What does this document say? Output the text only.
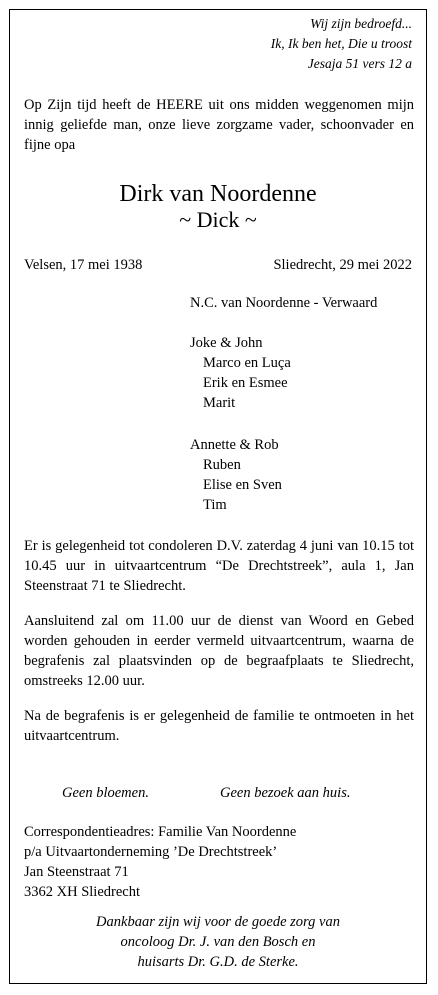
Wij zijn bedroefd...
Ik, Ik ben het, Die u troost
Jesaja 51 vers 12 a
Op Zijn tijd heeft de HEERE uit ons midden weggenomen mijn innig geliefde man, onze lieve zorgzame vader, schoonvader en fijne opa
Dirk van Noordenne
~ Dick ~
Velsen, 17 mei 1938	Sliedrecht, 29 mei 2022
N.C. van Noordenne - Verwaard
Joke & John
Marco en Luça
Erik en Esmee
Marit
Annette & Rob
Ruben
Elise en Sven
Tim
Er is gelegenheid tot condoleren D.V. zaterdag 4 juni van 10.15 tot 10.45 uur in uitvaartcentrum “De Drechtstreek”, aula 1, Jan Steenstraat 71 te Sliedrecht.
Aansluitend zal om 11.00 uur de dienst van Woord en Gebed worden gehouden in eerder vermeld uitvaartcentrum, waarna de begrafenis zal plaatsvinden op de begraafplaats te Sliedrecht, omstreeks 12.00 uur.
Na de begrafenis is er gelegenheid de familie te ontmoeten in het uitvaartcentrum.
Geen bloemen.	Geen bezoek aan huis.
Correspondentieadres: Familie Van Noordenne
p/a Uitvaartonderneming ’De Drechtstreek’
Jan Steenstraat 71
3362 XH Sliedrecht
Dankbaar zijn wij voor de goede zorg van
oncoloog Dr. J. van den Bosch en
huisarts Dr. G.D. de Sterke.
